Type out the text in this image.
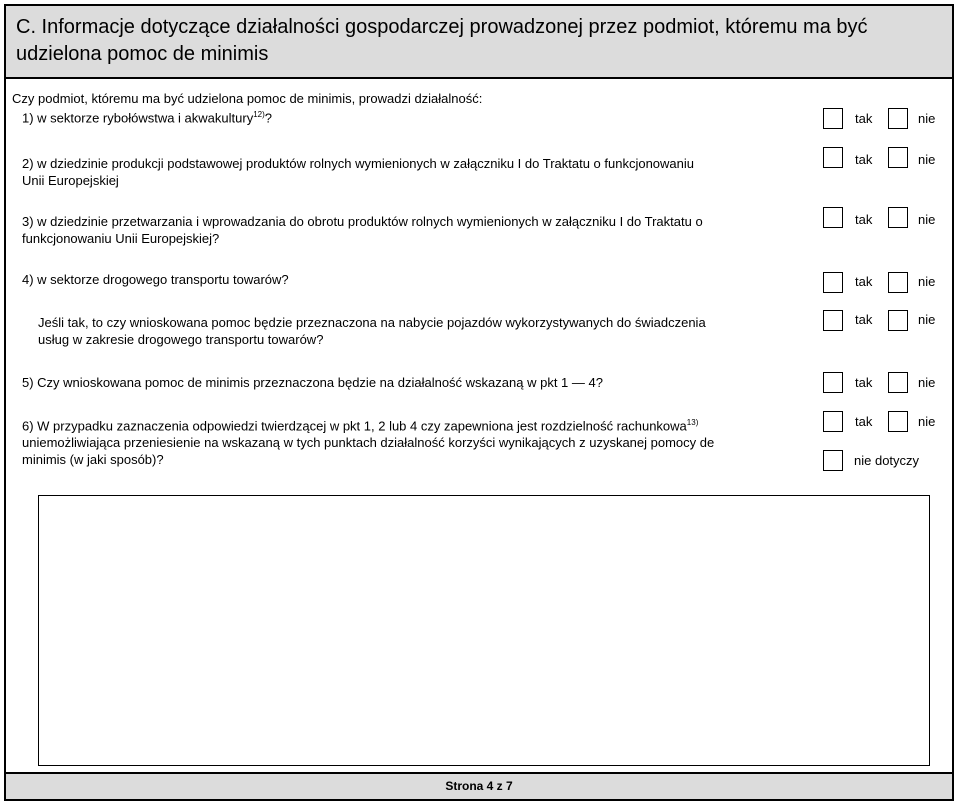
C. Informacje dotyczące działalności gospodarczej prowadzonej przez podmiot, któremu ma być udzielona pomoc de minimis
Czy podmiot, któremu ma być udzielona pomoc de minimis, prowadzi działalność:
1) w sektorze rybołówstwa i akwakultury$^{12)}$?	tak	nie
2) w dziedzinie produkcji podstawowej produktów rolnych wymienionych w załączniku I do Traktatu o funkcjonowaniu
Unii Europejskiej
tak	nie
3) w dziedzinie przetwarzania i wprowadzania do obrotu produktów rolnych wymienionych w załączniku I do Traktatu o
funkcjonowaniu Unii Europejskiej?
tak	nie
4) w sektorze drogowego transportu towarów?	tak	nie
Jeśli tak, to czy wnioskowana pomoc będzie przeznaczona na nabycie pojazdów wykorzystywanych do świadczenia
usług w zakresie drogowego transportu towarów?
tak	nie
5) Czy wnioskowana pomoc de minimis przeznaczona będzie na działalność wskazaną w pkt 1 — 4?	tak	nie
6) W przypadku zaznaczenia odpowiedzi twierdzącej w pkt 1, 2 lub 4 czy zapewniona jest rozdzielność rachunkowa$^{13)}$
uniemożliwiająca przeniesienie na wskazaną w tych punktach działalność korzyści wynikających z uzyskanej pomocy de
minimis (w jaki sposób)?
tak	nie
nie dotyczy
Strona 4 z 7
